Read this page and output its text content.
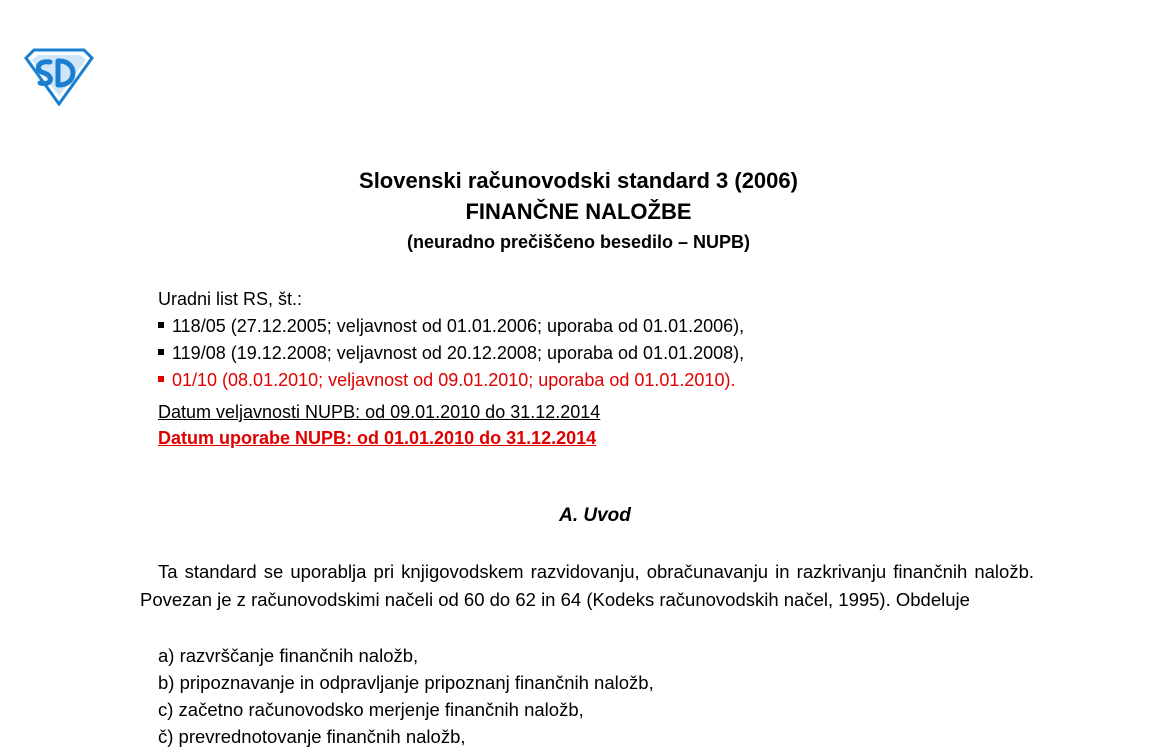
Slovenski računovodski standard 3 (2006)
FINANČNE NALOŽBE
(neuradno prečiščeno besedilo – NUPB)
Uradni list RS, št.:
118/05 (27.12.2005; veljavnost od 01.01.2006; uporaba od 01.01.2006),
119/08 (19.12.2008; veljavnost od 20.12.2008; uporaba od 01.01.2008),
01/10 (08.01.2010; veljavnost od 09.01.2010; uporaba od 01.01.2010).
Datum veljavnosti NUPB: od 09.01.2010 do 31.12.2014
Datum uporabe NUPB: od 01.01.2010 do 31.12.2014
A. Uvod
Ta standard se uporablja pri knjigovodskem razvidovanju, obračunavanju in razkrivanju finančnih naložb. Povezan je z računovodskimi načeli od 60 do 62 in 64 (Kodeks računovodskih načel, 1995). Obdeluje
a) razvrščanje finančnih naložb,
b) pripoznavanje in odpravljanje pripoznanj finančnih naložb,
c) začetno računovodsko merjenje finančnih naložb,
č) prevrednotovanje finančnih naložb,
